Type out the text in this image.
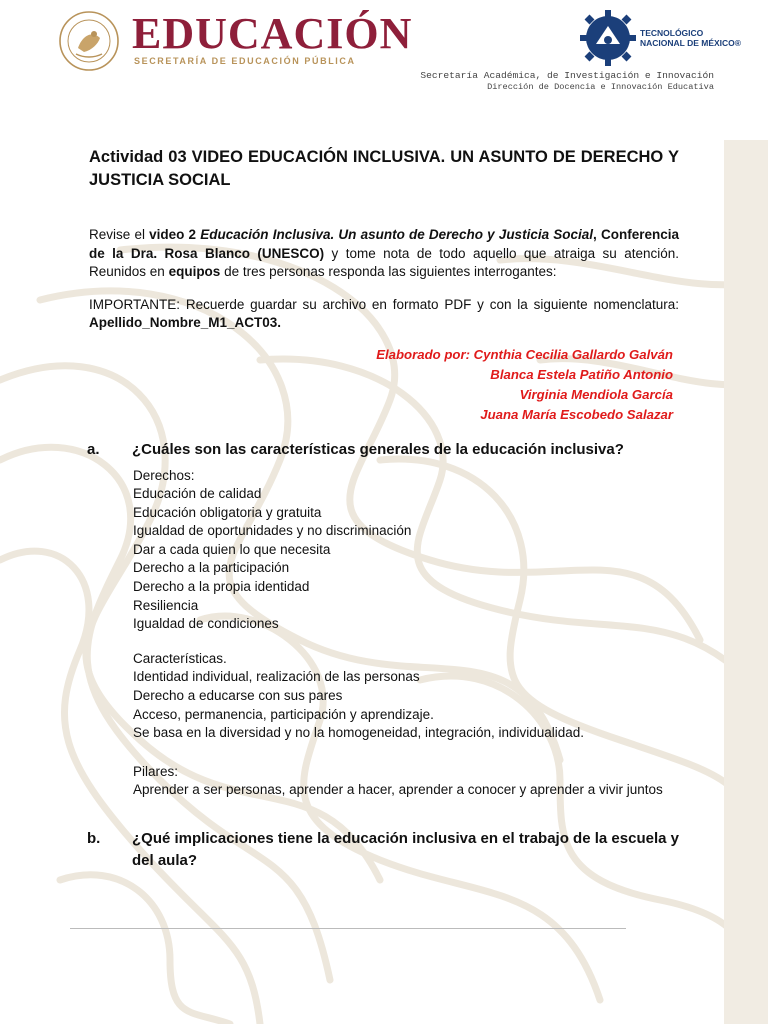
EDUCACIÓN
SECRETARÍA DE EDUCACIÓN PÚBLICA
TECNOLÓGICO
NACIONAL DE MÉXICO®
Secretaría Académica, de Investigación e Innovación
Dirección de Docencia e Innovación Educativa

Actividad 03 VIDEO EDUCACIÓN INCLUSIVA. UN ASUNTO DE DERECHO Y JUSTICIA SOCIAL

Revise el video 2 Educación Inclusiva. Un asunto de Derecho y Justicia Social, Conferencia de la Dra. Rosa Blanco (UNESCO) y tome nota de todo aquello que atraiga su atención. Reunidos en equipos de tres personas responda las siguientes interrogantes:

IMPORTANTE: Recuerde guardar su archivo en formato PDF y con la siguiente nomenclatura: Apellido_Nombre_M1_ACT03.

Elaborado por: Cynthia Cecilia Gallardo Galván
Blanca Estela Patiño Antonio
Virginia Mendiola García
Juana María Escobedo Salazar
a.	¿Cuáles son las características generales de la educación inclusiva?
Derechos:
Educación de calidad
Educación obligatoria y gratuita
Igualdad de oportunidades y no discriminación
Dar a cada quien lo que necesita
Derecho a la participación
Derecho a la propia identidad
Resiliencia
Igualdad de condiciones
Características.
Identidad individual, realización de las personas
Derecho a educarse con sus pares
Acceso, permanencia, participación y aprendizaje.
Se basa en la diversidad y no la homogeneidad, integración, individualidad.
Pilares:
Aprender a ser personas, aprender a hacer, aprender a conocer y aprender a vivir juntos
b.	¿Qué implicaciones tiene la educación inclusiva en el trabajo de la escuela y del aula?
